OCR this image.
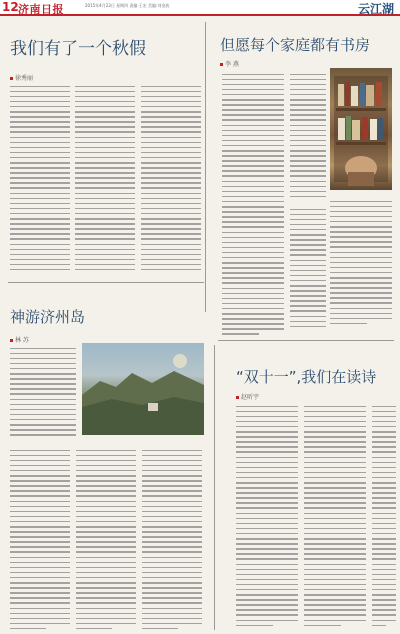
12 济南日报	2015年4月23日 星期四 责编:王宏 美编:刘金波	云江湖
我们有了一个秋假
徐秀丽
但愿每个家庭都有书房
李 燕
神游济州岛
林 苏
“双十一”,我们在读诗
赵昕宇
